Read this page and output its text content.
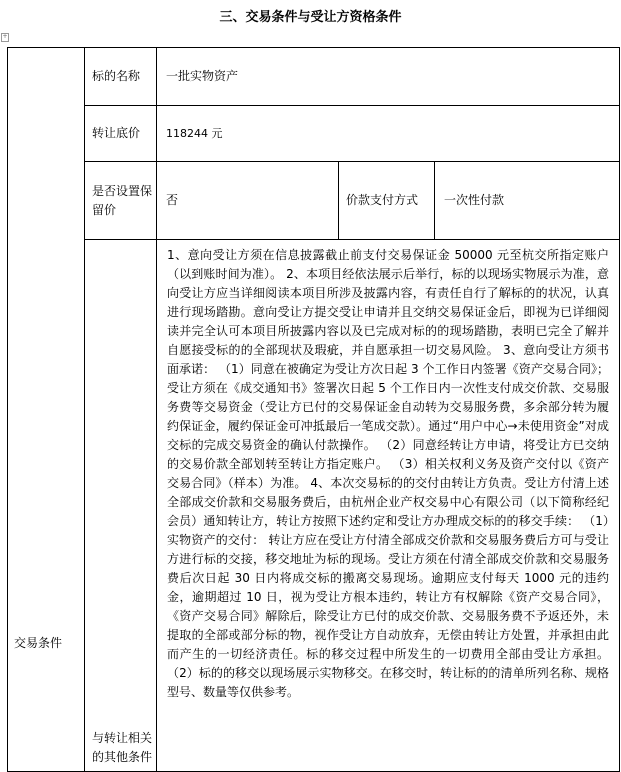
三、交易条件与受让方资格条件
+
交易条件	标的名称	一批实物资产		
	转让底价	118244 元		
	是否设置保留价	否	价款支付方式	一次性付款
	与转让相关的其他条件	1、意向受让方须在信息披露截止前支付交易保证金 50000 元至杭交所指定账户（以到账时间为准）。 2、本项目经依法展示后举行，标的以现场实物展示为准，意向受让方应当详细阅读本项目所涉及披露内容，有责任自行了解标的的状况，认真进行现场踏勘。意向受让方提交受让申请并且交纳交易保证金后，即视为已详细阅读并完全认可本项目所披露内容以及已完成对标的的现场踏勘，表明已完全了解并自愿接受标的的全部现状及瑕疵，并自愿承担一切交易风险。 3、意向受让方须书面承诺： （1）同意在被确定为受让方次日起 3 个工作日内签署《资产交易合同》；受让方须在《成交通知书》签署次日起 5 个工作日内一次性支付成交价款、交易服务费等交易资金（受让方已付的交易保证金自动转为交易服务费，多余部分转为履约保证金，履约保证金可冲抵最后一笔成交款）。通过“用户中心→未使用资金”对成交标的完成交易资金的确认付款操作。 （2）同意经转让方申请，将受让方已交纳的交易价款全部划转至转让方指定账户。 （3）相关权利义务及资产交付以《资产交易合同》（样本）为准。 4、本次交易标的的交付由转让方负责。受让方付清上述全部成交价款和交易服务费后，由杭州企业产权交易中心有限公司（以下简称经纪会员）通知转让方，转让方按照下述约定和受让方办理成交标的的移交手续： （1）实物资产的交付： 转让方应在受让方付清全部成交价款和交易服务费后方可与受让方进行标的交接，移交地址为标的现场。受让方须在付清全部成交价款和交易服务费后次日起 30 日内将成交标的搬离交易现场。逾期应支付每天 1000 元的违约金，逾期超过 10 日，视为受让方根本违约，转让方有权解除《资产交易合同》，《资产交易合同》解除后，除受让方已付的成交价款、交易服务费不予返还外，未提取的全部或部分标的物，视作受让方自动放弃，无偿由转让方处置，并承担由此而产生的一切经济责任。标的移交过程中所发生的一切费用全部由受让方承担。 （2）标的的移交以现场展示实物移交。在移交时，转让标的的清单所列名称、规格型号、数量等仅供参考。		
